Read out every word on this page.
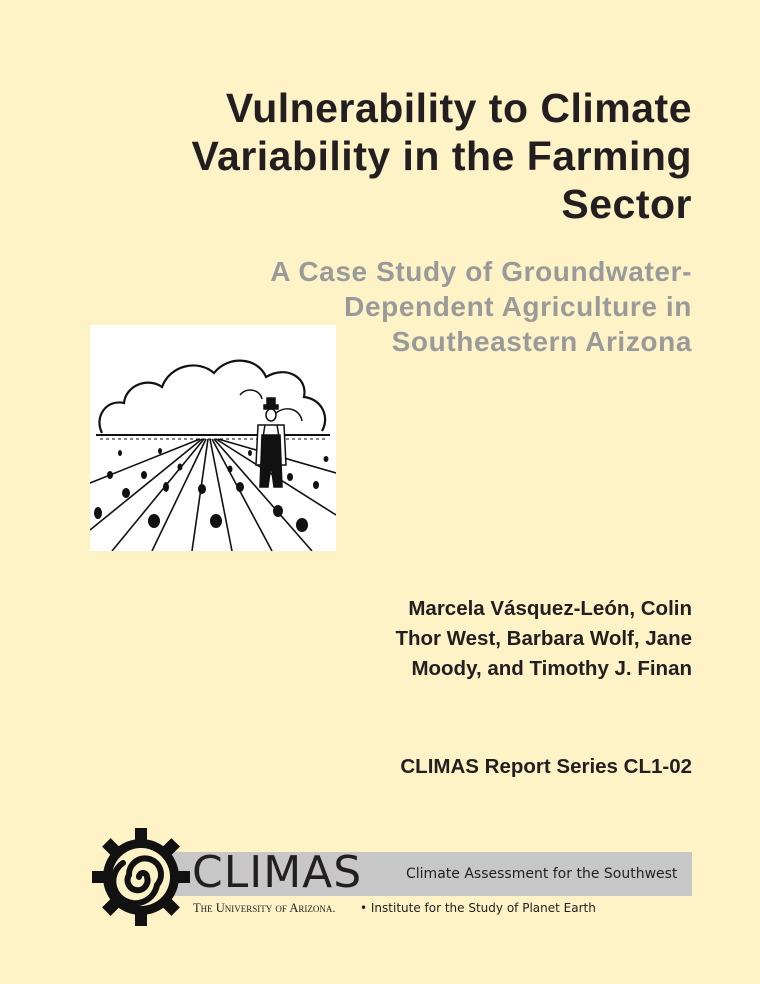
Vulnerability to Climate
Variability in the Farming
Sector
A Case Study of Groundwater-
Dependent Agriculture in
Southeastern Arizona

Marcela Vásquez-León, Colin
Thor West, Barbara Wolf, Jane
Moody, and Timothy J. Finan

CLIMAS Report Series CL1-02

CLIMAS	Climate Assessment for the Southwest
The University of Arizona. • Institute for the Study of Planet Earth
